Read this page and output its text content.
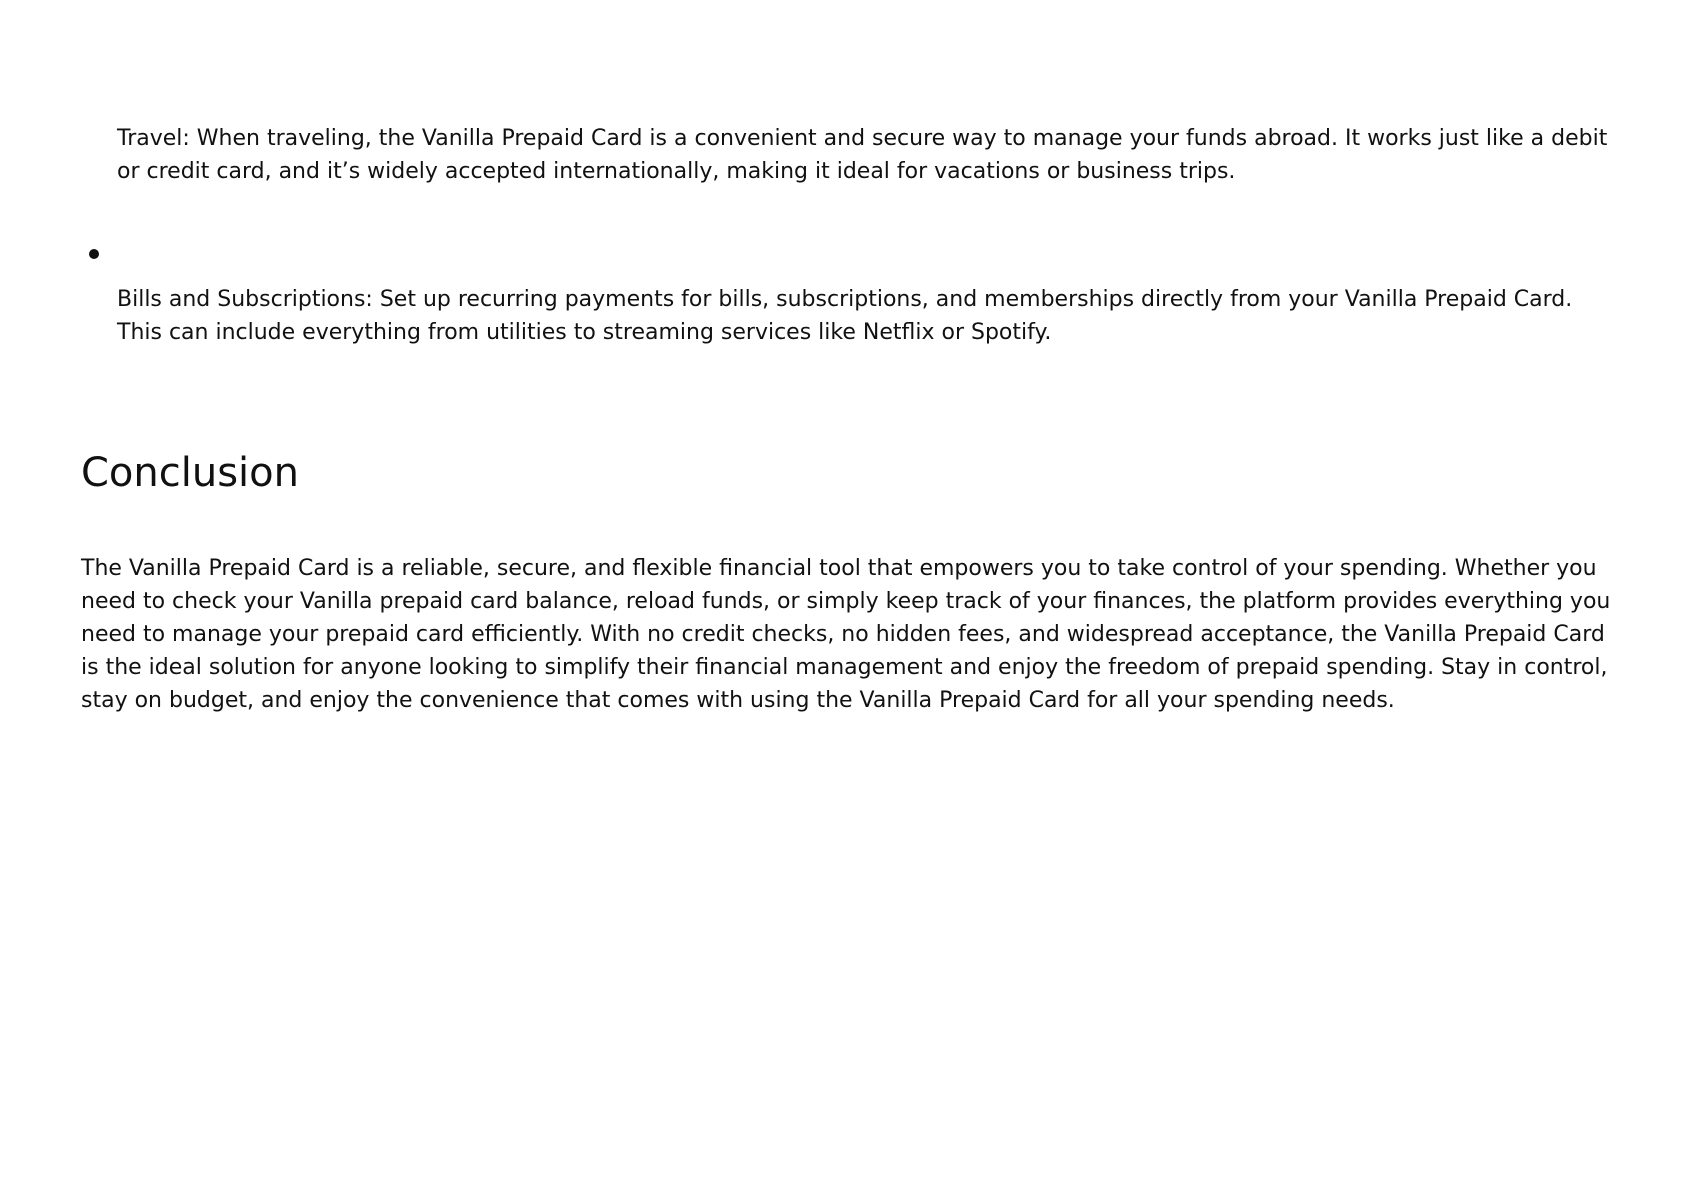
Travel: When traveling, the Vanilla Prepaid Card is a convenient and secure way to manage your funds abroad. It works just like a debit or credit card, and it’s widely accepted internationally, making it ideal for vacations or business trips.

Bills and Subscriptions: Set up recurring payments for bills, subscriptions, and memberships directly from your Vanilla Prepaid Card. This can include everything from utilities to streaming services like Netflix or Spotify.

Conclusion

The Vanilla Prepaid Card is a reliable, secure, and flexible financial tool that empowers you to take control of your spending. Whether you need to check your Vanilla prepaid card balance, reload funds, or simply keep track of your finances, the platform provides everything you need to manage your prepaid card efficiently. With no credit checks, no hidden fees, and widespread acceptance, the Vanilla Prepaid Card is the ideal solution for anyone looking to simplify their financial management and enjoy the freedom of prepaid spending. Stay in control, stay on budget, and enjoy the convenience that comes with using the Vanilla Prepaid Card for all your spending needs.
